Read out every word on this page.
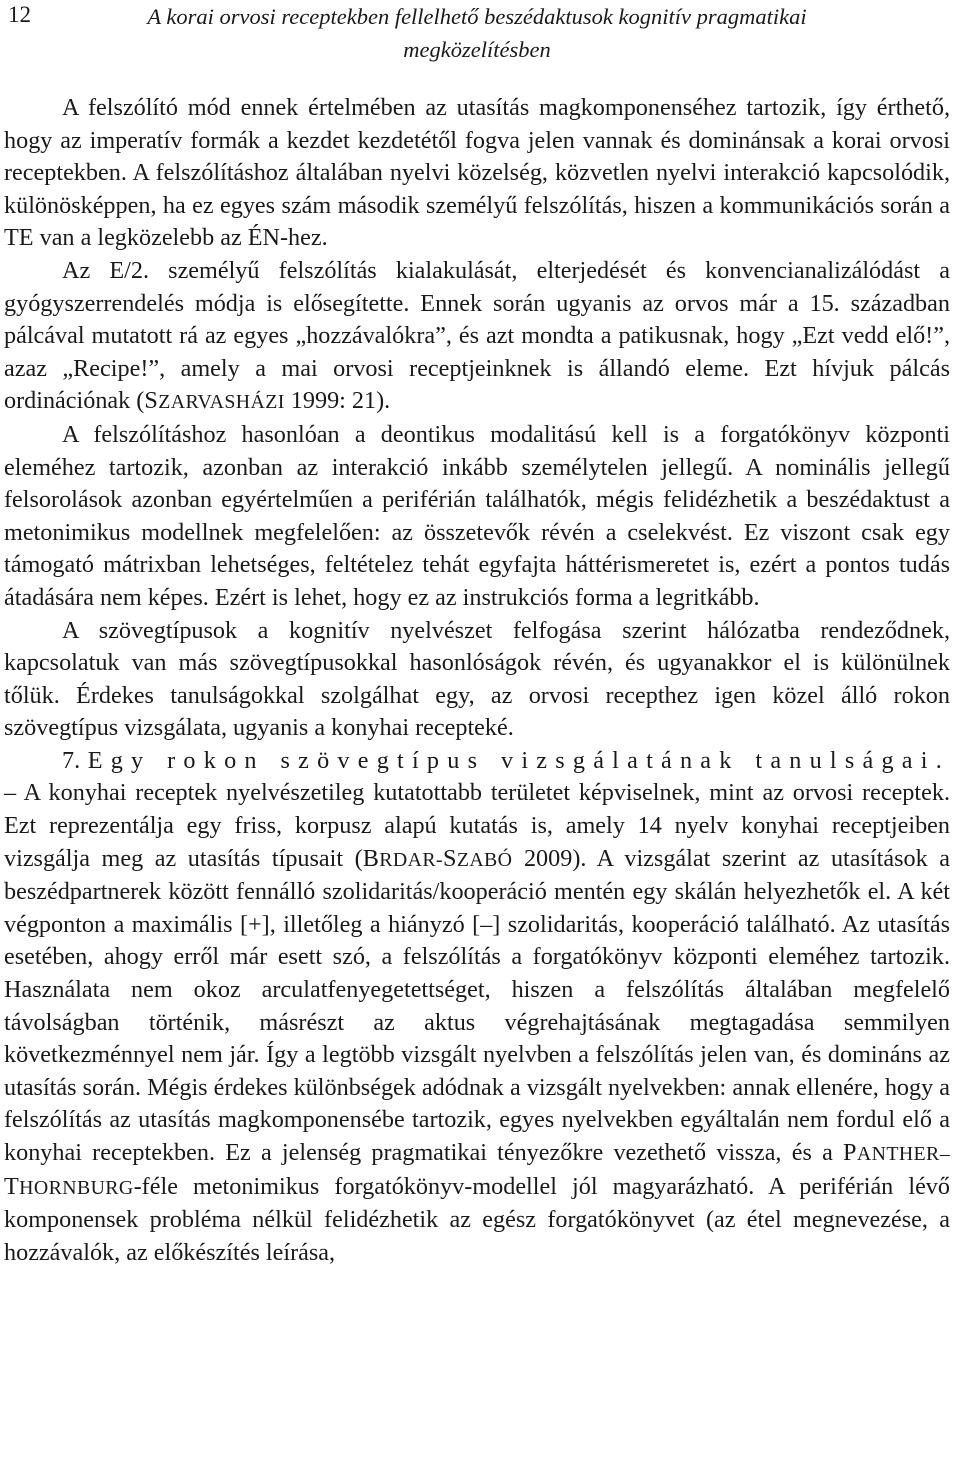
12	A korai orvosi receptekben fellelhető beszédaktusok kognitív pragmatikai
megközelítésben

A felszólító mód ennek értelmében az utasítás magkomponenséhez tartozik, így érthető, hogy az imperatív formák a kezdet kezdetétől fogva jelen vannak és dominánsak a korai orvosi receptekben. A felszólításhoz általában nyelvi közelség, közvetlen nyelvi interakció kapcsolódik, különösképpen, ha ez egyes szám második személyű felszólítás, hiszen a kommunikációs során a TE van a legközelebb az ÉN-hez.

Az E/2. személyű felszólítás kialakulását, elterjedését és konvencianalizálódást a gyógyszerrendelés módja is elősegítette. Ennek során ugyanis az orvos már a 15. században pálcával mutatott rá az egyes „hozzávalókra”, és azt mondta a patikusnak, hogy „Ezt vedd elő!”, azaz „Recipe!”, amely a mai orvosi receptjeinknek is állandó eleme. Ezt hívjuk pálcás ordinációnak (SZARVASHÁZI 1999: 21).

A felszólításhoz hasonlóan a deontikus modalitású kell is a forgatókönyv központi eleméhez tartozik, azonban az interakció inkább személytelen jellegű. A nominális jellegű felsorolások azonban egyértelműen a periférián találhatók, mégis felidézhetik a beszédaktust a metonimikus modellnek megfelelően: az összetevők révén a cselekvést. Ez viszont csak egy támogató mátrixban lehetséges, feltételez tehát egyfajta háttérismeretet is, ezért a pontos tudás átadására nem képes. Ezért is lehet, hogy ez az instrukciós forma a legritkább.

A szövegtípusok a kognitív nyelvészet felfogása szerint hálózatba rendeződnek, kapcsolatuk van más szövegtípusokkal hasonlóságok révén, és ugyanakkor el is különülnek tőlük. Érdekes tanulságokkal szolgálhat egy, az orvosi recepthez igen közel álló rokon szövegtípus vizsgálata, ugyanis a konyhai recepteké.

7. Egy rokon szövegtípus vizsgálatának tanulságai. – A konyhai receptek nyelvészetileg kutatottabb területet képviselnek, mint az orvosi receptek. Ezt reprezentálja egy friss, korpusz alapú kutatás is, amely 14 nyelv konyhai receptjeiben vizsgálja meg az utasítás típusait (BRDAR-SZABÓ 2009). A vizsgálat szerint az utasítások a beszédpartnerek között fennálló szolidaritás/kooperáció mentén egy skálán helyezhetők el. A két végponton a maximális [+], illetőleg a hiányzó [–] szolidaritás, kooperáció található. Az utasítás esetében, ahogy erről már esett szó, a felszólítás a forgatókönyv központi eleméhez tartozik. Használata nem okoz arculatfenyegetettséget, hiszen a felszólítás általában megfelelő távolságban történik, másrészt az aktus végrehajtásának megtagadása semmilyen következménnyel nem jár. Így a legtöbb vizsgált nyelvben a felszólítás jelen van, és domináns az utasítás során. Mégis érdekes különbségek adódnak a vizsgált nyelvekben: annak ellenére, hogy a felszólítás az utasítás magkomponensébe tartozik, egyes nyelvekben egyáltalán nem fordul elő a konyhai receptekben. Ez a jelenség pragmatikai tényezőkre vezethető vissza, és a PANTHER–THORNBURG-féle metonimikus forgatókönyv-modellel jól magyarázható. A periférián lévő komponensek probléma nélkül felidézhetik az egész forgatókönyvet (az étel megnevezése, a hozzávalók, az előkészítés leírása,
